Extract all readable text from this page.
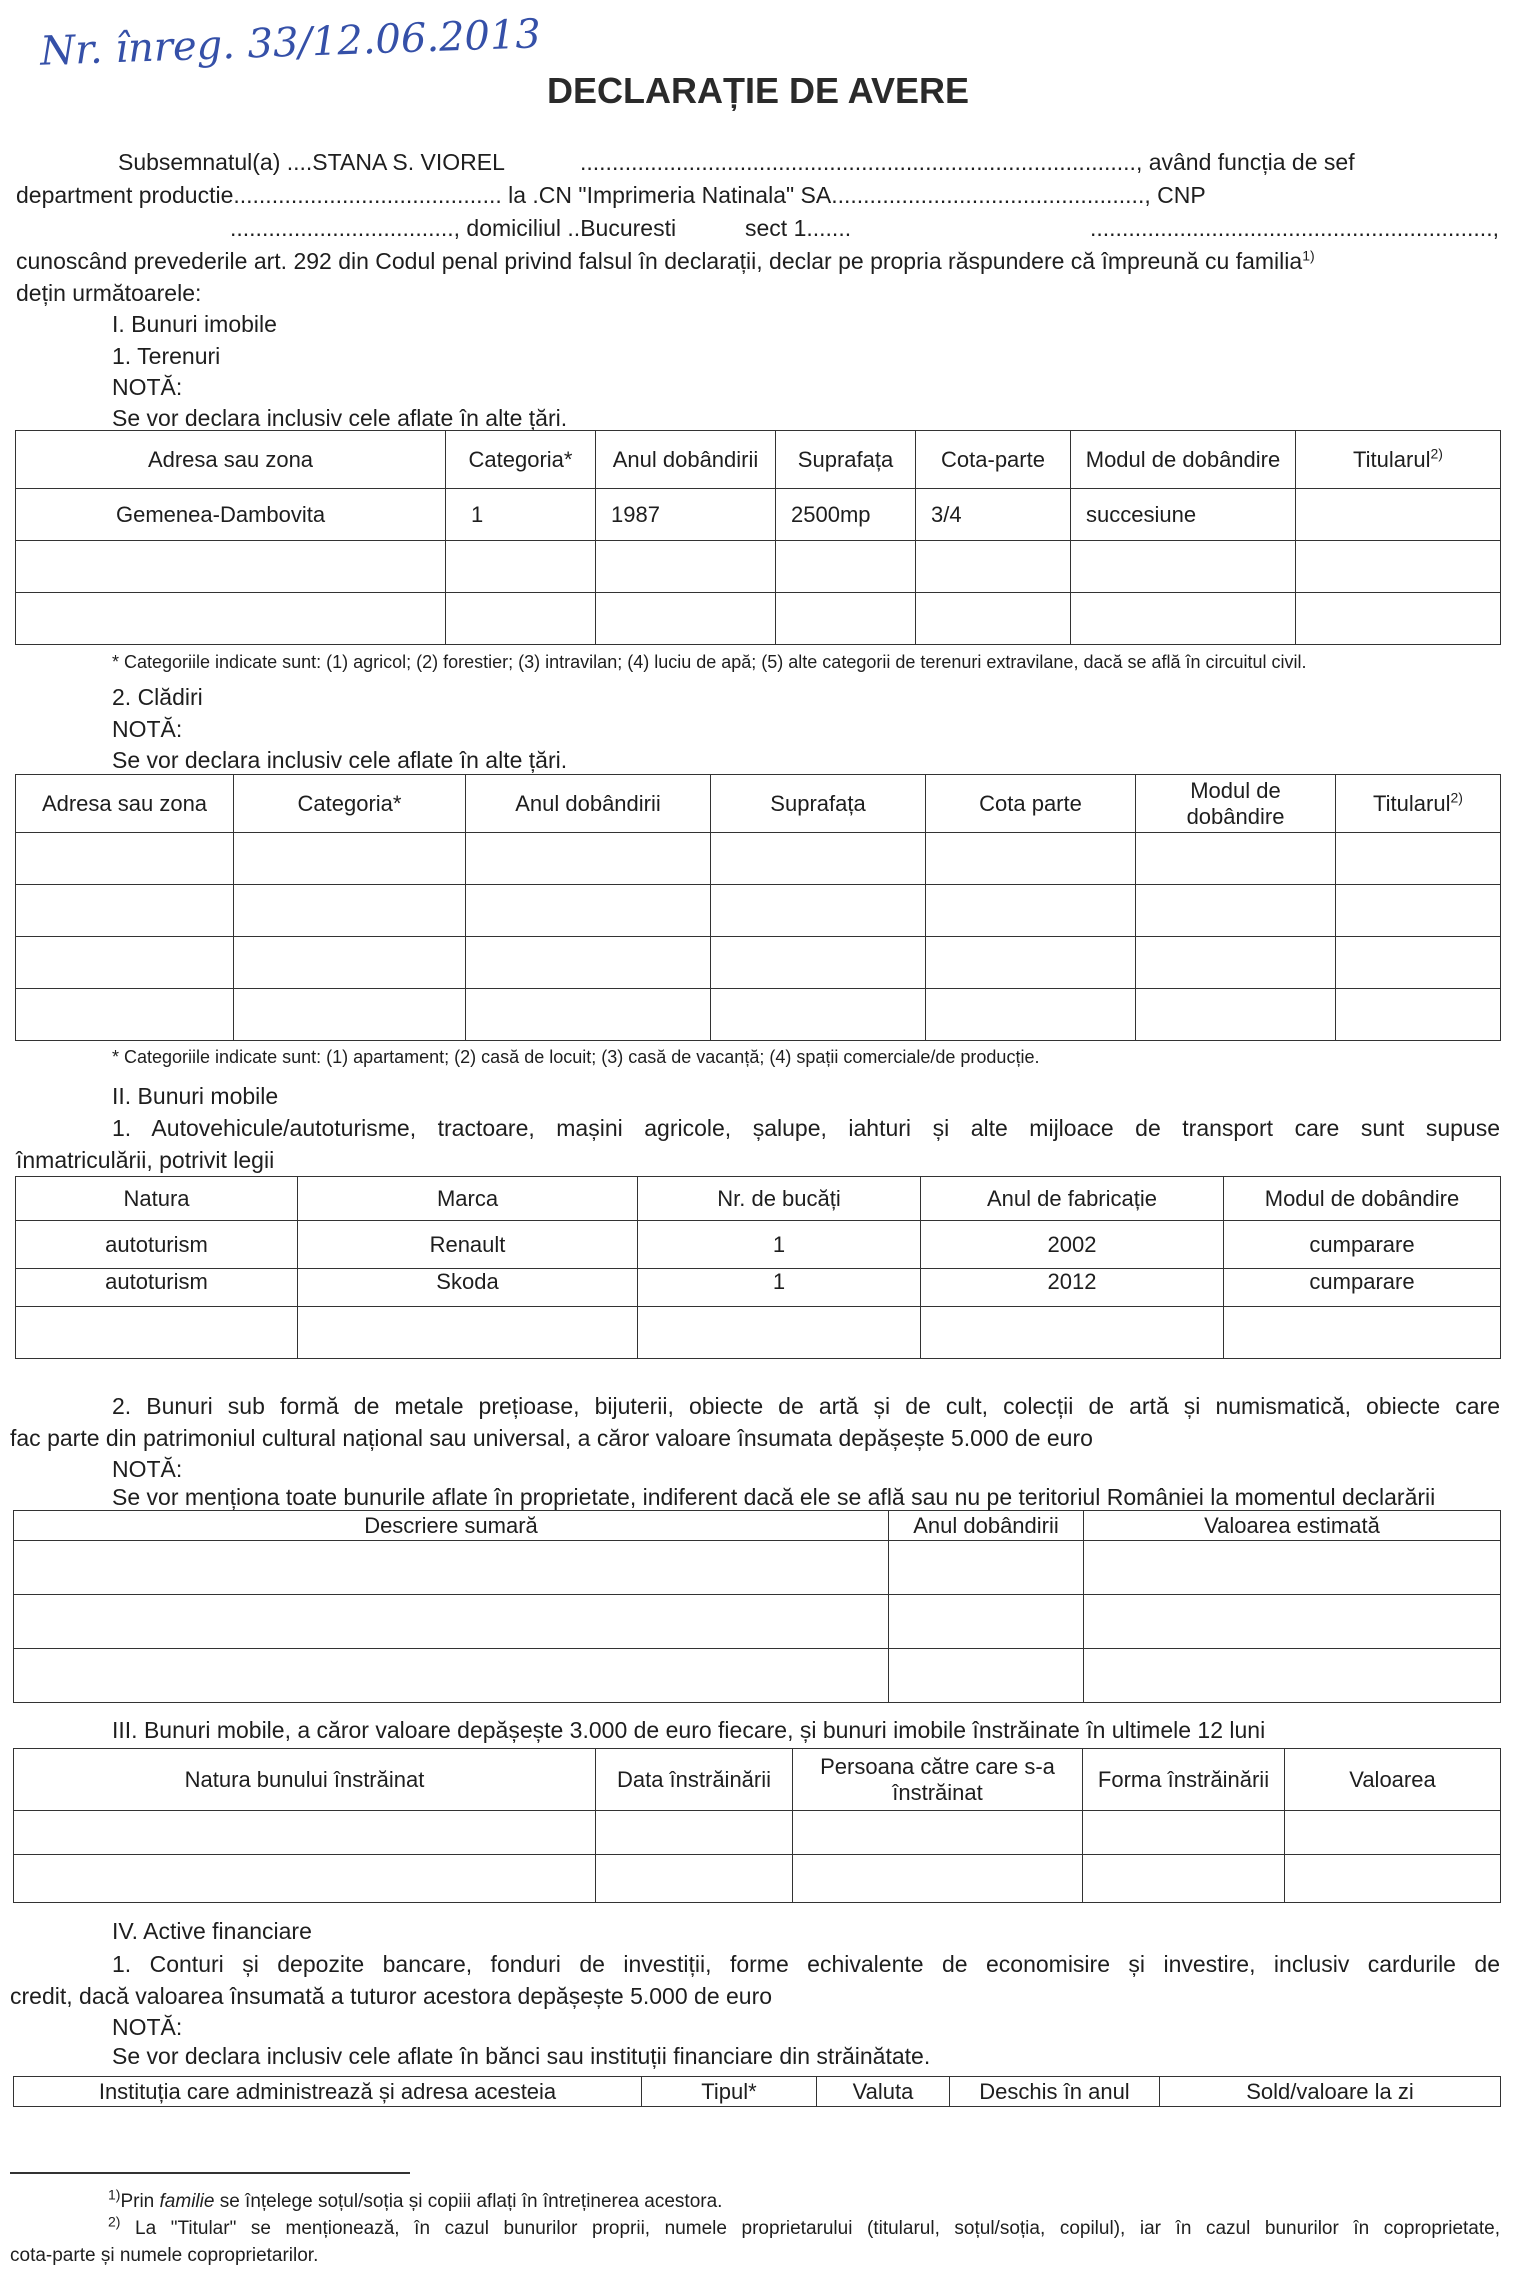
Nr. înreg. 33/12.06.2013
DECLARAȚIE DE AVERE
Subsemnatul(a) ....STANA S. VIOREL	......................................................................................., având funcția de sef
department productie.......................................... la .CN "Imprimeria Natinala" SA................................................., CNP
..................................., domiciliul ..Bucuresti	sect 1.......	...............................................................,
cunoscând prevederile art. 292 din Codul penal privind falsul în declarații, declar pe propria răspundere că împreună cu familia$^{1)}$
dețin următoarele:
I. Bunuri imobile
1. Terenuri
NOTĂ:
Se vor declara inclusiv cele aflate în alte țări.
Adresa sau zona	Categoria*	Anul dobândirii	Suprafața	Cota-parte	Modul de dobândire	Titularul$^{2)}$
Gemenea-Dambovita	1	1987	2500mp	3/4	succesiune	

* Categoriile indicate sunt: (1) agricol; (2) forestier; (3) intravilan; (4) luciu de apă; (5) alte categorii de terenuri extravilane, dacă se află în circuitul civil.
2. Clădiri
NOTĂ:
Se vor declara inclusiv cele aflate în alte țări.
Adresa sau zona	Categoria*	Anul dobândirii	Suprafața	Cota parte	Modul de dobândire	Titularul$^{2)}$

* Categoriile indicate sunt: (1) apartament; (2) casă de locuit; (3) casă de vacanță; (4) spații comerciale/de producție.
II. Bunuri mobile
1. Autovehicule/autoturisme, tractoare, mașini agricole, șalupe, iahturi și alte mijloace de transport care sunt supuse
înmatriculării, potrivit legii
Natura	Marca	Nr. de bucăți	Anul de fabricație	Modul de dobândire
autoturism	Renault	1	2002	cumparare
autoturism	Skoda	1	2012	cumparare

2. Bunuri sub formă de metale prețioase, bijuterii, obiecte de artă și de cult, colecții de artă și numismatică, obiecte care
fac parte din patrimoniul cultural național sau universal, a căror valoare însumata depășește 5.000 de euro
NOTĂ:
Se vor menționa toate bunurile aflate în proprietate, indiferent dacă ele se află sau nu pe teritoriul României la momentul declarării
Descriere sumară	Anul dobândirii	Valoarea estimată

III. Bunuri mobile, a căror valoare depășește 3.000 de euro fiecare, și bunuri imobile înstrăinate în ultimele 12 luni
Natura bunului înstrăinat	Data înstrăinării	Persoana către care s-a înstrăinat	Forma înstrăinării	Valoarea

IV. Active financiare
1. Conturi și depozite bancare, fonduri de investiții, forme echivalente de economisire și investire, inclusiv cardurile de
credit, dacă valoarea însumată a tuturor acestora depășește 5.000 de euro
NOTĂ:
Se vor declara inclusiv cele aflate în bănci sau instituții financiare din străinătate.
Instituția care administrează și adresa acesteia	Tipul*	Valuta	Deschis în anul	Sold/valoare la zi
$^{1)}$Prin familie se înțelege soțul/soția și copiii aflați în întreținerea acestora.
$^{2)}$ La "Titular" se menționează, în cazul bunurilor proprii, numele proprietarului (titularul, soțul/soția, copilul), iar în cazul bunurilor în coproprietate,
cota-parte și numele coproprietarilor.
